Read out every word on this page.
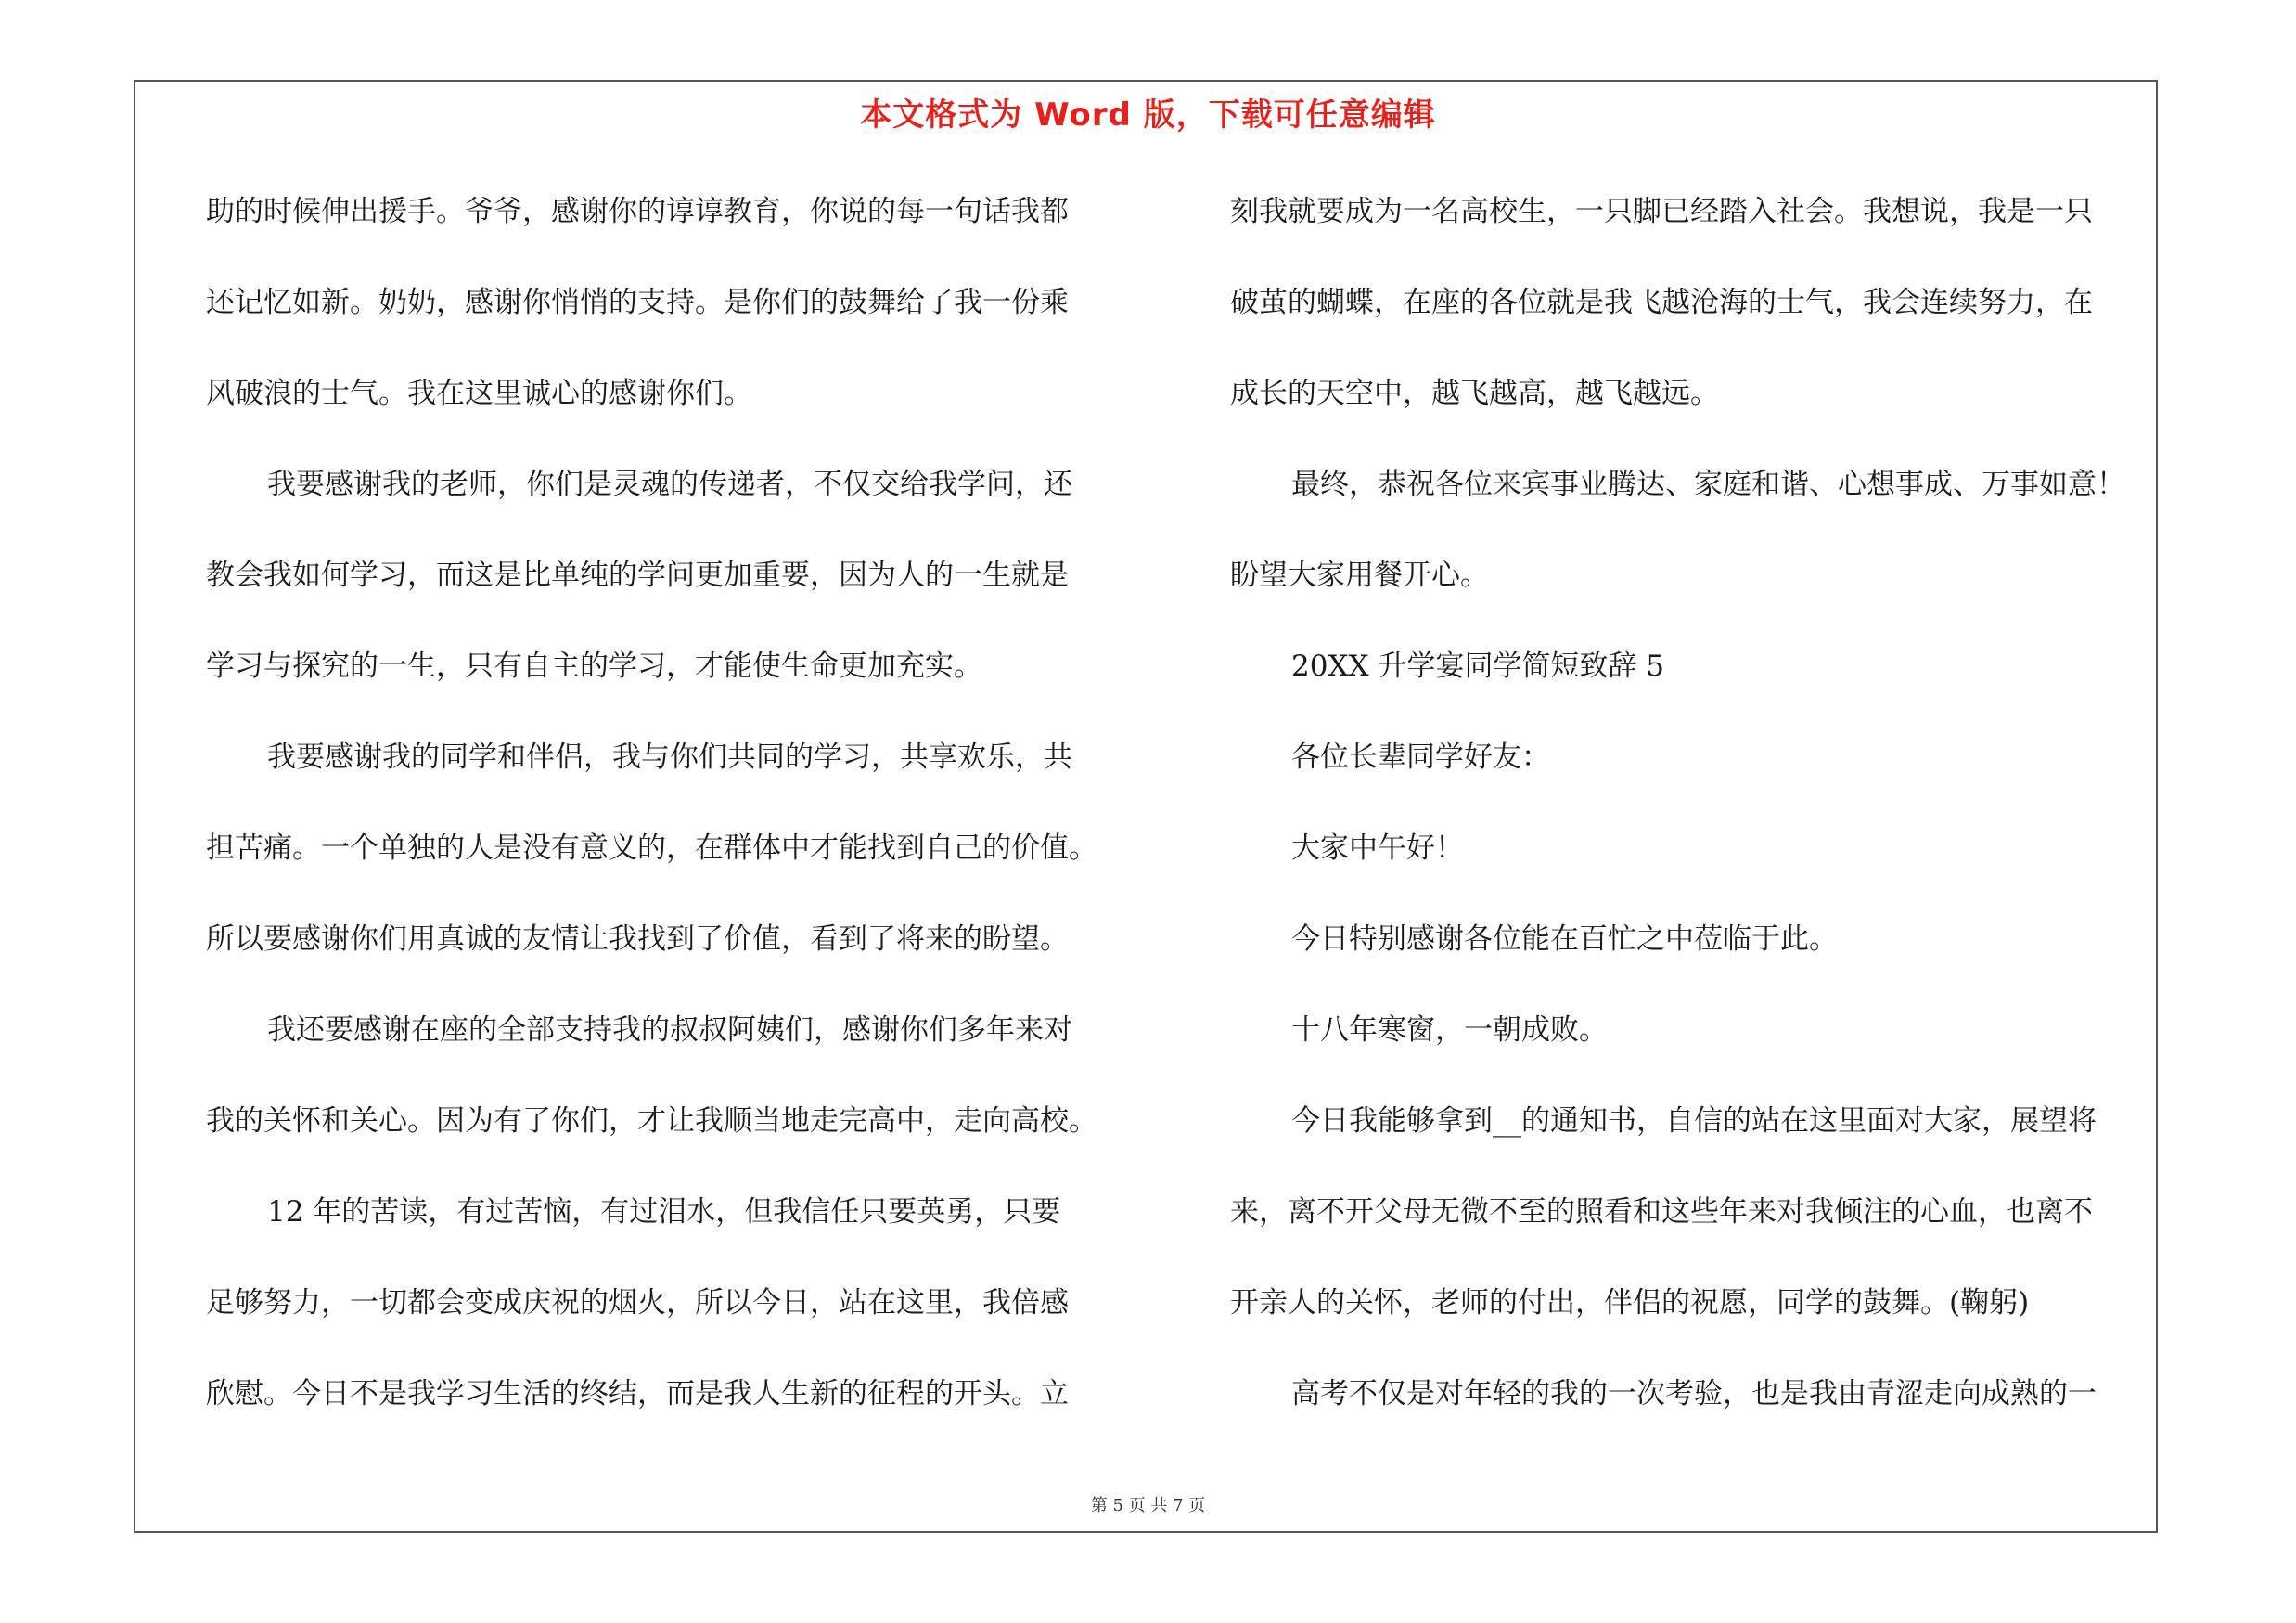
本文格式为 Word 版，下载可任意编辑
助的时候伸出援手。爷爷，感谢你的谆谆教育，你说的每一句话我都
还记忆如新。奶奶，感谢你悄悄的支持。是你们的鼓舞给了我一份乘
风破浪的士气。我在这里诚心的感谢你们。
我要感谢我的老师，你们是灵魂的传递者，不仅交给我学问，还
教会我如何学习，而这是比单纯的学问更加重要，因为人的一生就是
学习与探究的一生，只有自主的学习，才能使生命更加充实。
我要感谢我的同学和伴侣，我与你们共同的学习，共享欢乐，共
担苦痛。一个单独的人是没有意义的，在群体中才能找到自己的价值。
所以要感谢你们用真诚的友情让我找到了价值，看到了将来的盼望。
我还要感谢在座的全部支持我的叔叔阿姨们，感谢你们多年来对
我的关怀和关心。因为有了你们，才让我顺当地走完高中，走向高校。
12 年的苦读，有过苦恼，有过泪水，但我信任只要英勇，只要
足够努力，一切都会变成庆祝的烟火，所以今日，站在这里，我倍感
欣慰。今日不是我学习生活的终结，而是我人生新的征程的开头。立
刻我就要成为一名高校生，一只脚已经踏入社会。我想说，我是一只
破茧的蝴蝶，在座的各位就是我飞越沧海的士气，我会连续努力，在
成长的天空中，越飞越高，越飞越远。
最终，恭祝各位来宾事业腾达、家庭和谐、心想事成、万事如意！
盼望大家用餐开心。
20XX 升学宴同学简短致辞 5
各位长辈同学好友：
大家中午好！
今日特别感谢各位能在百忙之中莅临于此。
十八年寒窗，一朝成败。
今日我能够拿到__的通知书，自信的站在这里面对大家，展望将
来，离不开父母无微不至的照看和这些年来对我倾注的心血，也离不
开亲人的关怀，老师的付出，伴侣的祝愿，同学的鼓舞。(鞠躬)
高考不仅是对年轻的我的一次考验，也是我由青涩走向成熟的一
第 5 页 共 7 页
